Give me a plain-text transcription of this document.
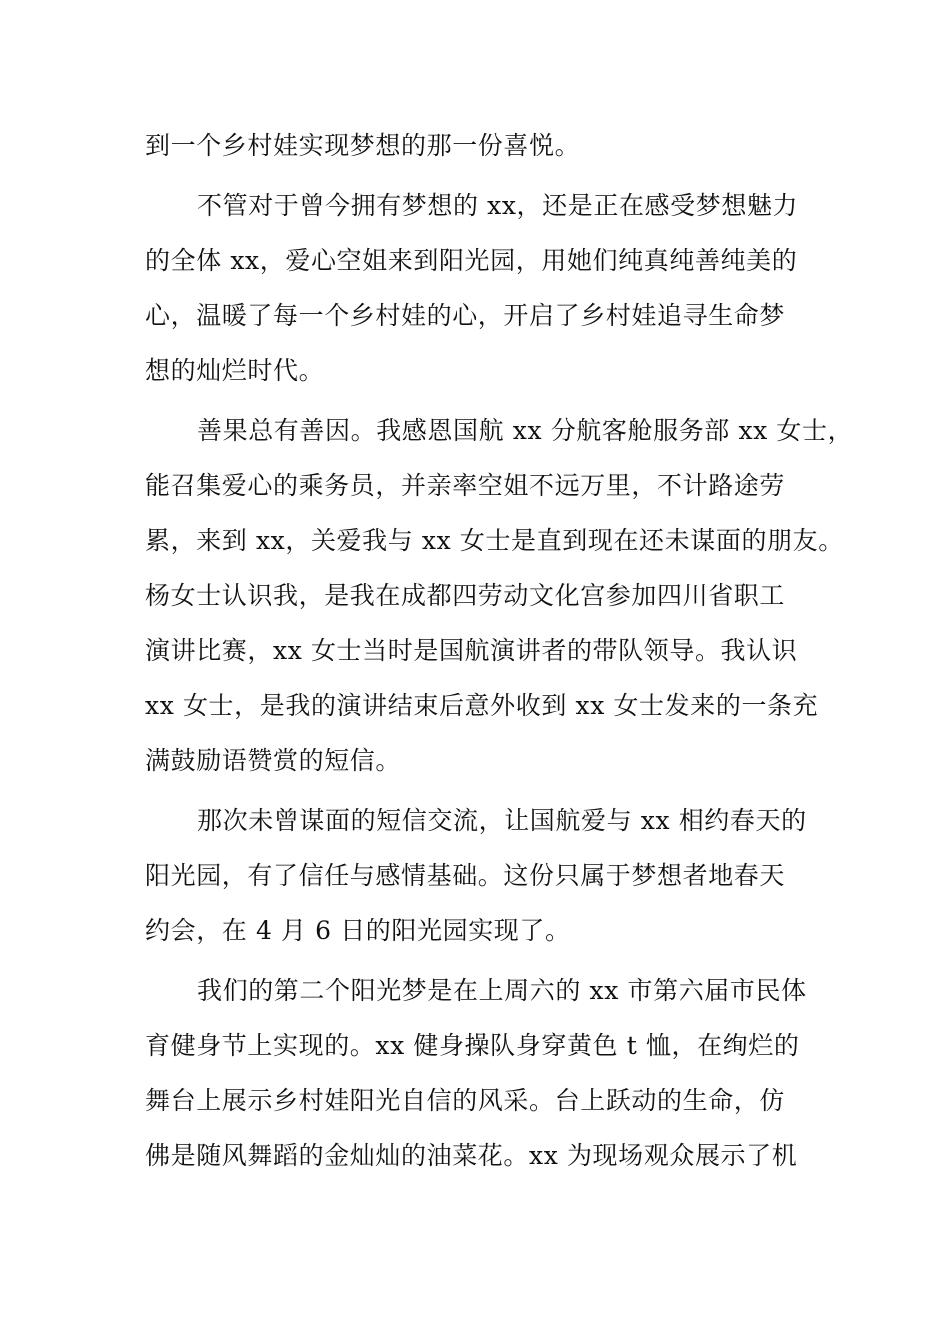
到一个乡村娃实现梦想的那一份喜悦。
不管对于曾今拥有梦想的 xx，还是正在感受梦想魅力
的全体 xx，爱心空姐来到阳光园，用她们纯真纯善纯美的
心，温暖了每一个乡村娃的心，开启了乡村娃追寻生命梦
想的灿烂时代。
善果总有善因。我感恩国航 xx 分航客舱服务部 xx 女士，
能召集爱心的乘务员，并亲率空姐不远万里，不计路途劳
累，来到 xx，关爱我与 xx 女士是直到现在还未谋面的朋友。
杨女士认识我，是我在成都四劳动文化宫参加四川省职工
演讲比赛，xx 女士当时是国航演讲者的带队领导。我认识
xx 女士，是我的演讲结束后意外收到 xx 女士发来的一条充
满鼓励语赞赏的短信。
那次未曾谋面的短信交流，让国航爱与 xx 相约春天的
阳光园，有了信任与感情基础。这份只属于梦想者地春天
约会，在 4 月 6 日的阳光园实现了。
我们的第二个阳光梦是在上周六的 xx 市第六届市民体
育健身节上实现的。xx 健身操队身穿黄色 t 恤，在绚烂的
舞台上展示乡村娃阳光自信的风采。台上跃动的生命，仿
佛是随风舞蹈的金灿灿的油菜花。xx 为现场观众展示了机
